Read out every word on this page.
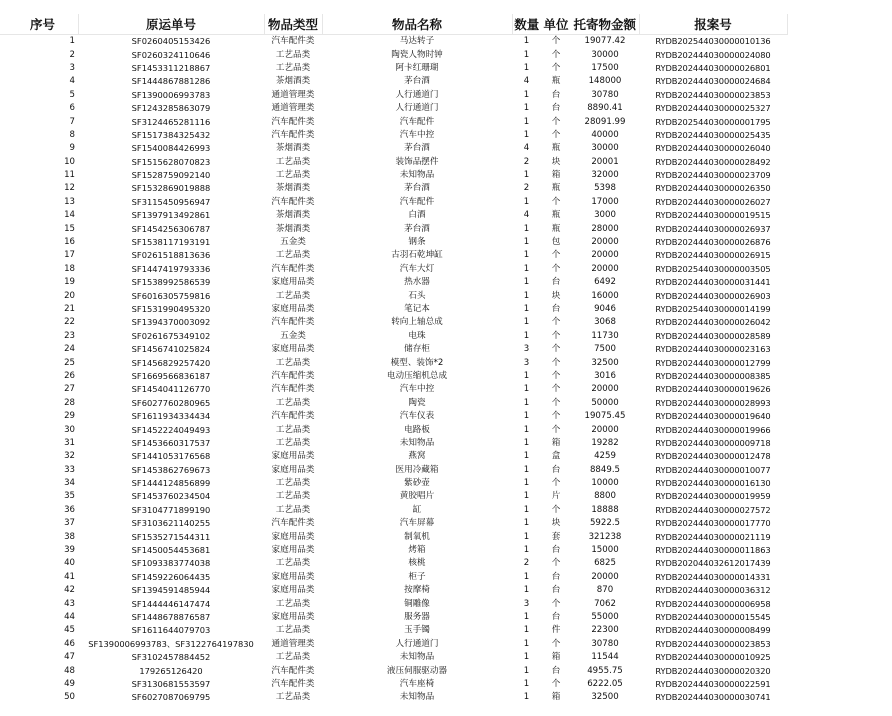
序号	原运单号	物品类型	物品名称	数量	单位	托寄物金额	报案号
1	SF0260405153426	汽车配件类	马达转子	1	个	19077.42	RYDB202544030000010136
2	SF0260324110646	工艺品类	陶瓷人物时钟	1	个	30000	RYDB202444030000024080
3	SF1453311218867	工艺品类	阿卡红珊瑚	1	个	17500	RYDB202444030000026801
4	SF1444867881286	茶烟酒类	茅台酒	4	瓶	148000	RYDB202444030000024684
5	SF1390006993783	通道管理类	人行通道门	1	台	30780	RYDB202444030000023853
6	SF1243285863079	通道管理类	人行通道门	1	台	8890.41	RYDB202444030000025327
7	SF3124465281116	汽车配件类	汽车配件	1	个	28091.99	RYDB202544030000001795
8	SF1517384325432	汽车配件类	汽车中控	1	个	40000	RYDB202444030000025435
9	SF1540084426993	茶烟酒类	茅台酒	4	瓶	30000	RYDB202444030000026040
10	SF1515628070823	工艺品类	装饰品摆件	2	块	20001	RYDB202444030000028492
11	SF1528759092140	工艺品类	未知物品	1	箱	32000	RYDB202444030000023709
12	SF1532869019888	茶烟酒类	茅台酒	2	瓶	5398	RYDB202444030000026350
13	SF3115450956947	汽车配件类	汽车配件	1	个	17000	RYDB202444030000026027
14	SF1397913492861	茶烟酒类	白酒	4	瓶	3000	RYDB202444030000019515
15	SF1454256306787	茶烟酒类	茅台酒	1	瓶	28000	RYDB202444030000026937
16	SF1538117193191	五金类	钢条	1	包	20000	RYDB202444030000026876
17	SF0261518813636	工艺品类	古羽石乾坤缸	1	个	20000	RYDB202444030000026915
18	SF1447419793336	汽车配件类	汽车大灯	1	个	20000	RYDB202544030000003505
19	SF1538992586539	家庭用品类	热水器	1	台	6492	RYDB202444030000031441
20	SF6016305759816	工艺品类	石头	1	块	16000	RYDB202444030000026903
21	SF1531990495320	家庭用品类	笔记本	1	台	9046	RYDB202544030000014199
22	SF1394370003092	汽车配件类	转向上轴总成	1	个	3068	RYDB202444030000026042
23	SF0261675349102	五金类	电珠	1	个	11730	RYDB202444030000028589
24	SF1456741025824	家庭用品类	储存柜	3	个	7500	RYDB202444030000023163
25	SF1456829257420	工艺品类	模型、装饰*2	3	个	32500	RYDB202444030000012799
26	SF1669566836187	汽车配件类	电动压缩机总成	1	个	3016	RYDB202444030000008385
27	SF1454041126770	汽车配件类	汽车中控	1	个	20000	RYDB202444030000019626
28	SF6027760280965	工艺品类	陶瓷	1	个	50000	RYDB202444030000028993
29	SF1611934334434	汽车配件类	汽车仪表	1	个	19075.45	RYDB202444030000019640
30	SF1452224049493	工艺品类	电路板	1	个	20000	RYDB202444030000019966
31	SF1453660317537	工艺品类	未知物品	1	箱	19282	RYDB202444030000009718
32	SF1441053176568	家庭用品类	燕窝	1	盒	4259	RYDB202444030000012478
33	SF1453862769673	家庭用品类	医用冷藏箱	1	台	8849.5	RYDB202444030000010077
34	SF1444124856899	工艺品类	紫砂壶	1	个	10000	RYDB202444030000016130
35	SF1453760234504	工艺品类	黄胶唱片	1	片	8800	RYDB202444030000019959
36	SF3104771899190	工艺品类	缸	1	个	18888	RYDB202444030000027572
37	SF3103621140255	汽车配件类	汽车屏幕	1	块	5922.5	RYDB202444030000017770
38	SF1535271544311	家庭用品类	制氧机	1	套	321238	RYDB202444030000021119
39	SF1450054453681	家庭用品类	烤箱	1	台	15000	RYDB202444030000011863
40	SF1093383774038	工艺品类	核桃	2	个	6825	RYDB202044032612017439
41	SF1459226064435	家庭用品类	柜子	1	台	20000	RYDB202444030000014331
42	SF1394591485944	家庭用品类	按摩椅	1	台	870	RYDB202444030000036312
43	SF1444446147474	工艺品类	铜雕像	3	个	7062	RYDB202444030000006958
44	SF1448678876587	家庭用品类	服务器	1	台	55000	RYDB202444030000015545
45	SF1611644079703	工艺品类	玉手镯	1	件	22300	RYDB202444030000008499
46	SF1390006993783、SF3122764197830	通道管理类	人行通道门	1	个	30780	RYDB202444030000023853
47	SF3102457884452	工艺品类	未知物品	1	箱	11544	RYDB202444030000010925
48	179265126420	汽车配件类	液压伺服驱动器	1	台	4955.75	RYDB202444030000020320
49	SF3130681553597	汽车配件类	汽车座椅	1	个	6222.05	RYDB202444030000022591
50	SF6027087069795	工艺品类	未知物品	1	箱	32500	RYDB202444030000030741
